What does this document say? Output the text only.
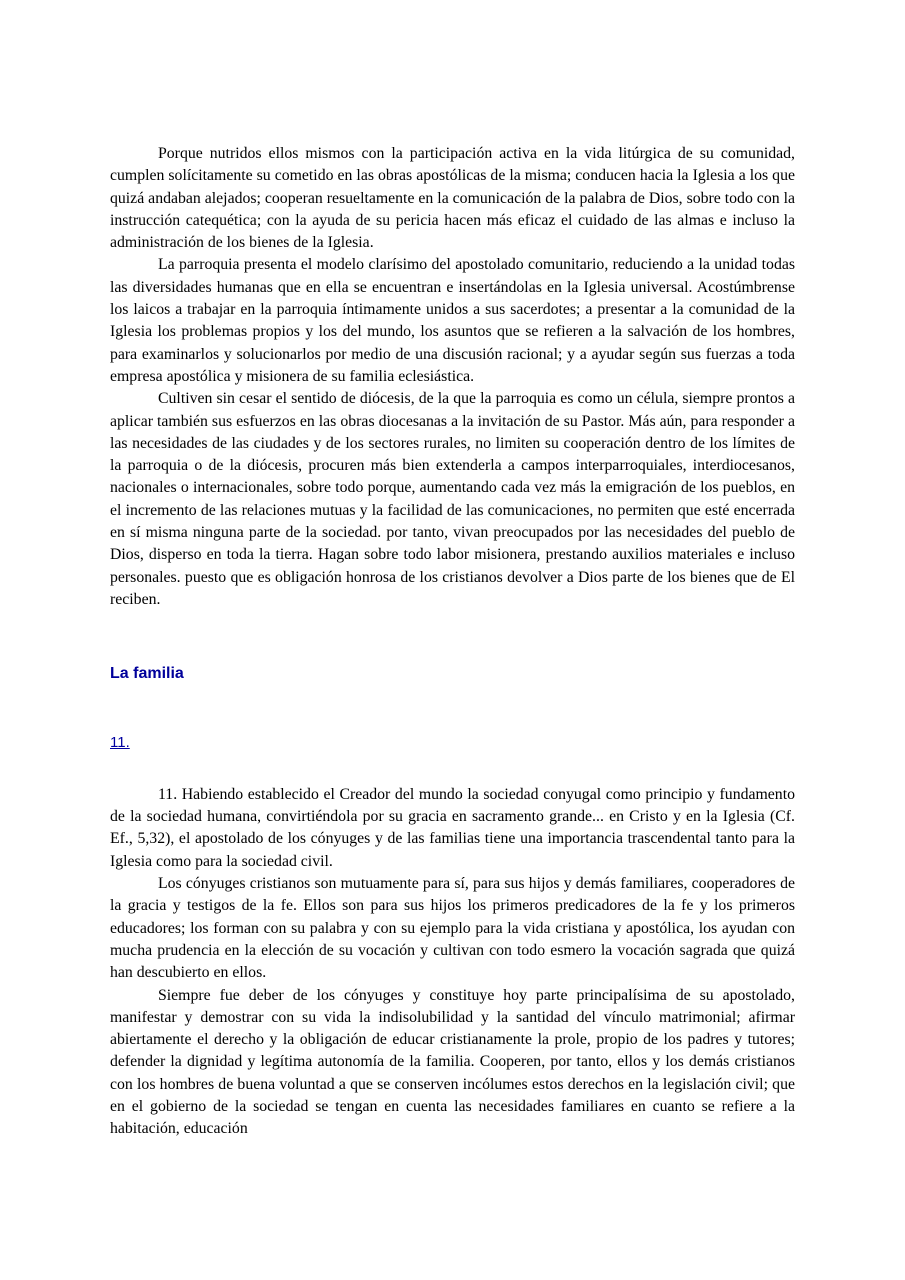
Porque nutridos ellos mismos con la participación activa en la vida litúrgica de su comunidad, cumplen solícitamente su cometido en las obras apostólicas de la misma; conducen hacia la Iglesia a los que quizá andaban alejados; cooperan resueltamente en la comunicación de la palabra de Dios, sobre todo con la instrucción catequética; con la ayuda de su pericia hacen más eficaz el cuidado de las almas e incluso la administración de los bienes de la Iglesia.

La parroquia presenta el modelo clarísimo del apostolado comunitario, reduciendo a la unidad todas las diversidades humanas que en ella se encuentran e insertándolas en la Iglesia universal. Acostúmbrense los laicos a trabajar en la parroquia íntimamente unidos a sus sacerdotes; a presentar a la comunidad de la Iglesia los problemas propios y los del mundo, los asuntos que se refieren a la salvación de los hombres, para examinarlos y solucionarlos por medio de una discusión racional; y a ayudar según sus fuerzas a toda empresa apostólica y misionera de su familia eclesiástica.

Cultiven sin cesar el sentido de diócesis, de la que la parroquia es como un célula, siempre prontos a aplicar también sus esfuerzos en las obras diocesanas a la invitación de su Pastor. Más aún, para responder a las necesidades de las ciudades y de los sectores rurales, no limiten su cooperación dentro de los límites de la parroquia o de la diócesis, procuren más bien extenderla a campos interparroquiales, interdiocesanos, nacionales o internacionales, sobre todo porque, aumentando cada vez más la emigración de los pueblos, en el incremento de las relaciones mutuas y la facilidad de las comunicaciones, no permiten que esté encerrada en sí misma ninguna parte de la sociedad. por tanto, vivan preocupados por las necesidades del pueblo de Dios, disperso en toda la tierra. Hagan sobre todo labor misionera, prestando auxilios materiales e incluso personales. puesto que es obligación honrosa de los cristianos devolver a Dios parte de los bienes que de El reciben.

La familia

11.

11. Habiendo establecido el Creador del mundo la sociedad conyugal como principio y fundamento de la sociedad humana, convirtiéndola por su gracia en sacramento grande... en Cristo y en la Iglesia (Cf. Ef., 5,32), el apostolado de los cónyuges y de las familias tiene una importancia trascendental tanto para la Iglesia como para la sociedad civil.

Los cónyuges cristianos son mutuamente para sí, para sus hijos y demás familiares, cooperadores de la gracia y testigos de la fe. Ellos son para sus hijos los primeros predicadores de la fe y los primeros educadores; los forman con su palabra y con su ejemplo para la vida cristiana y apostólica, los ayudan con mucha prudencia en la elección de su vocación y cultivan con todo esmero la vocación sagrada que quizá han descubierto en ellos.

Siempre fue deber de los cónyuges y constituye hoy parte principalísima de su apostolado, manifestar y demostrar con su vida la indisolubilidad y la santidad del vínculo matrimonial; afirmar abiertamente el derecho y la obligación de educar cristianamente la prole, propio de los padres y tutores; defender la dignidad y legítima autonomía de la familia. Cooperen, por tanto, ellos y los demás cristianos con los hombres de buena voluntad a que se conserven incólumes estos derechos en la legislación civil; que en el gobierno de la sociedad se tengan en cuenta las necesidades familiares en cuanto se refiere a la habitación, educación
